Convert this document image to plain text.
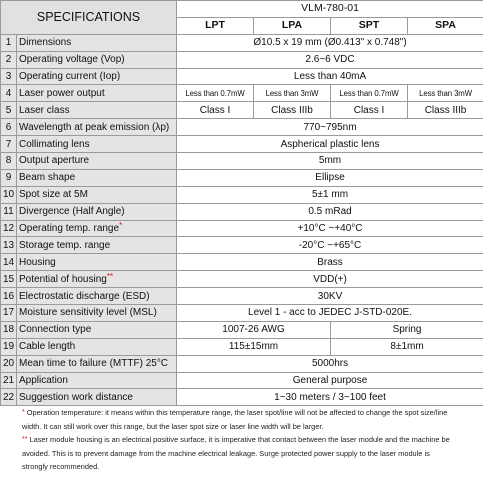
SPECIFICATIONS		VLM-780-01			
		LPT	LPA	SPT	SPA
1	Dimensions	Ø10.5 x 19 mm (Ø0.413" x 0.748")			
2	Operating voltage (Vop)	2.6~6 VDC			
3	Operating current (Iop)	Less than 40mA			
4	Laser power output	Less than 0.7mW	Less than 3mW	Less than 0.7mW	Less than 3mW
5	Laser class	Class I	Class IIIb	Class I	Class IIIb
6	Wavelength at peak emission (λp)	770~795nm			
7	Collimating lens	Aspherical plastic lens			
8	Output aperture	5mm			
9	Beam shape	Ellipse			
10	Spot size at 5M	5±1 mm			
11	Divergence (Half Angle)	0.5 mRad			
12	Operating temp. range*	+10°C ~+40°C			
13	Storage temp. range	-20°C ~+65°C			
14	Housing	Brass			
15	Potential of housing**	VDD(+)			
16	Electrostatic discharge (ESD)	30KV			
17	Moisture sensitivity level (MSL)	Level 1 - acc to JEDEC J-STD-020E.			
18	Connection type	1007-26 AWG		Spring	
19	Cable length	115±15mm		8±1mm	
20	Mean time to failure (MTTF) 25°C	5000hrs			
21	Application	General purpose			
22	Suggestion work distance	1~30 meters / 3~100 feet			
* Operation temperature: it means within this temperature range, the laser spot/line will not be affected to change the spot size/line
width. It can still work over this range, but the laser spot size or laser line width will be larger.
** Laser module housing is an electrical positive surface, it is imperative that contact between the laser module and the machine be
avoided. This is to prevent damage from the machine electrical leakage. Surge protected power supply to the laser module is
strongly recommended.
